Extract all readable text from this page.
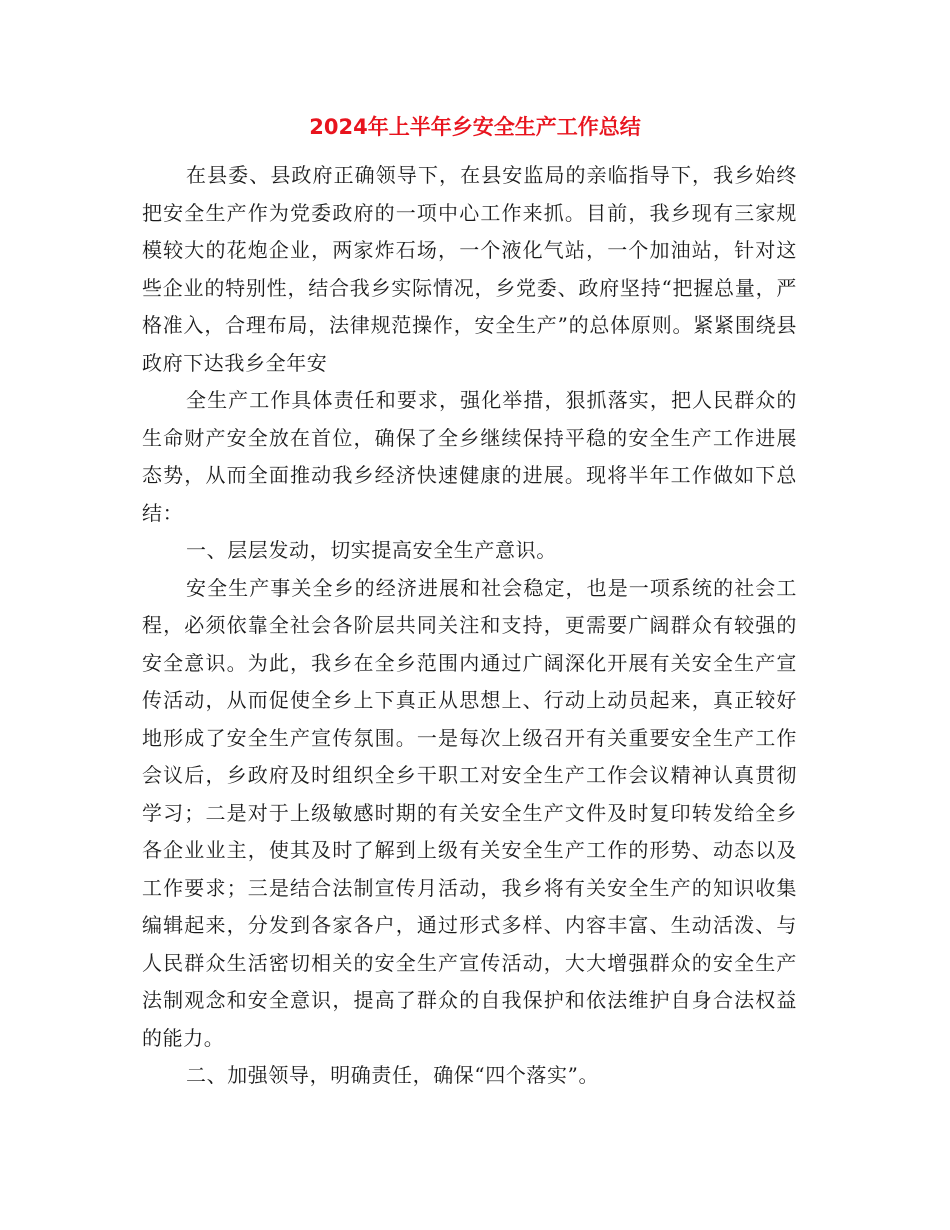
2024年上半年乡安全生产工作总结

在县委、县政府正确领导下，在县安监局的亲临指导下，我乡始终把安全生产作为党委政府的一项中心工作来抓。目前，我乡现有三家规模较大的花炮企业，两家炸石场，一个液化气站，一个加油站，针对这些企业的特别性，结合我乡实际情况，乡党委、政府坚持“把握总量，严格准入，合理布局，法律规范操作，安全生产”的总体原则。紧紧围绕县政府下达我乡全年安

全生产工作具体责任和要求，强化举措，狠抓落实，把人民群众的生命财产安全放在首位，确保了全乡继续保持平稳的安全生产工作进展态势，从而全面推动我乡经济快速健康的进展。现将半年工作做如下总结：

一、层层发动，切实提高安全生产意识。

安全生产事关全乡的经济进展和社会稳定，也是一项系统的社会工程，必须依靠全社会各阶层共同关注和支持，更需要广阔群众有较强的安全意识。为此，我乡在全乡范围内通过广阔深化开展有关安全生产宣传活动，从而促使全乡上下真正从思想上、行动上动员起来，真正较好地形成了安全生产宣传氛围。一是每次上级召开有关重要安全生产工作会议后，乡政府及时组织全乡干职工对安全生产工作会议精神认真贯彻学习；二是对于上级敏感时期的有关安全生产文件及时复印转发给全乡各企业业主，使其及时了解到上级有关安全生产工作的形势、动态以及工作要求；三是结合法制宣传月活动，我乡将有关安全生产的知识收集编辑起来，分发到各家各户，通过形式多样、内容丰富、生动活泼、与人民群众生活密切相关的安全生产宣传活动，大大增强群众的安全生产法制观念和安全意识，提高了群众的自我保护和依法维护自身合法权益的能力。

二、加强领导，明确责任，确保“四个落实”。
